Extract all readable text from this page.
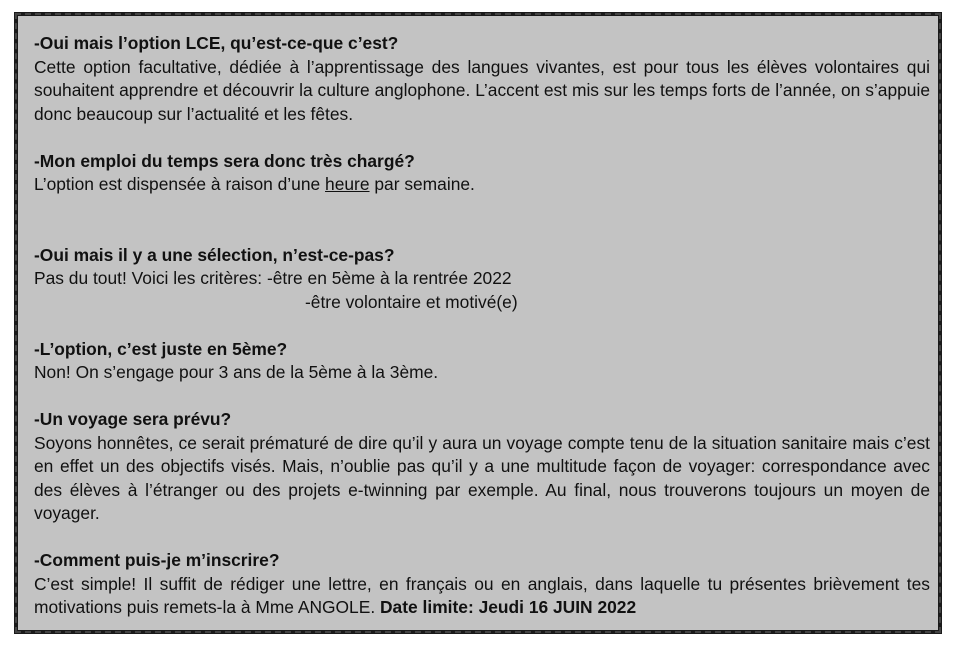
-Oui mais l’option LCE, qu’est-ce-que c’est?
Cette option facultative, dédiée à l’apprentissage des langues vivantes, est pour tous les élèves volontaires qui souhaitent apprendre et découvrir la culture anglophone. L’accent est mis sur les temps forts de l’année, on s’appuie donc beaucoup sur l’actualité et les fêtes.
-Mon emploi du temps sera donc très chargé?
L’option est dispensée à raison d’une heure par semaine.
-Oui mais il y a une sélection, n’est-ce-pas?
Pas du tout! Voici les critères: -être en 5ème à la rentrée 2022
-être volontaire et motivé(e)
-L’option, c’est juste en 5ème?
Non! On s’engage pour 3 ans de la 5ème à la 3ème.
-Un voyage sera prévu?
Soyons honnêtes, ce serait prématuré de dire qu’il y aura un voyage compte tenu de la situation sanitaire mais c’est en effet un des objectifs visés. Mais, n’oublie pas qu’il y a une multitude façon de voyager: correspondance avec des élèves à l’étranger ou des projets e-twinning par exemple. Au final, nous trouverons toujours un moyen de voyager.
-Comment puis-je m’inscrire?
C’est simple! Il suffit de rédiger une lettre, en français ou en anglais, dans laquelle tu présentes brièvement tes motivations puis remets-la à Mme ANGOLE. Date limite: Jeudi 16 JUIN 2022
